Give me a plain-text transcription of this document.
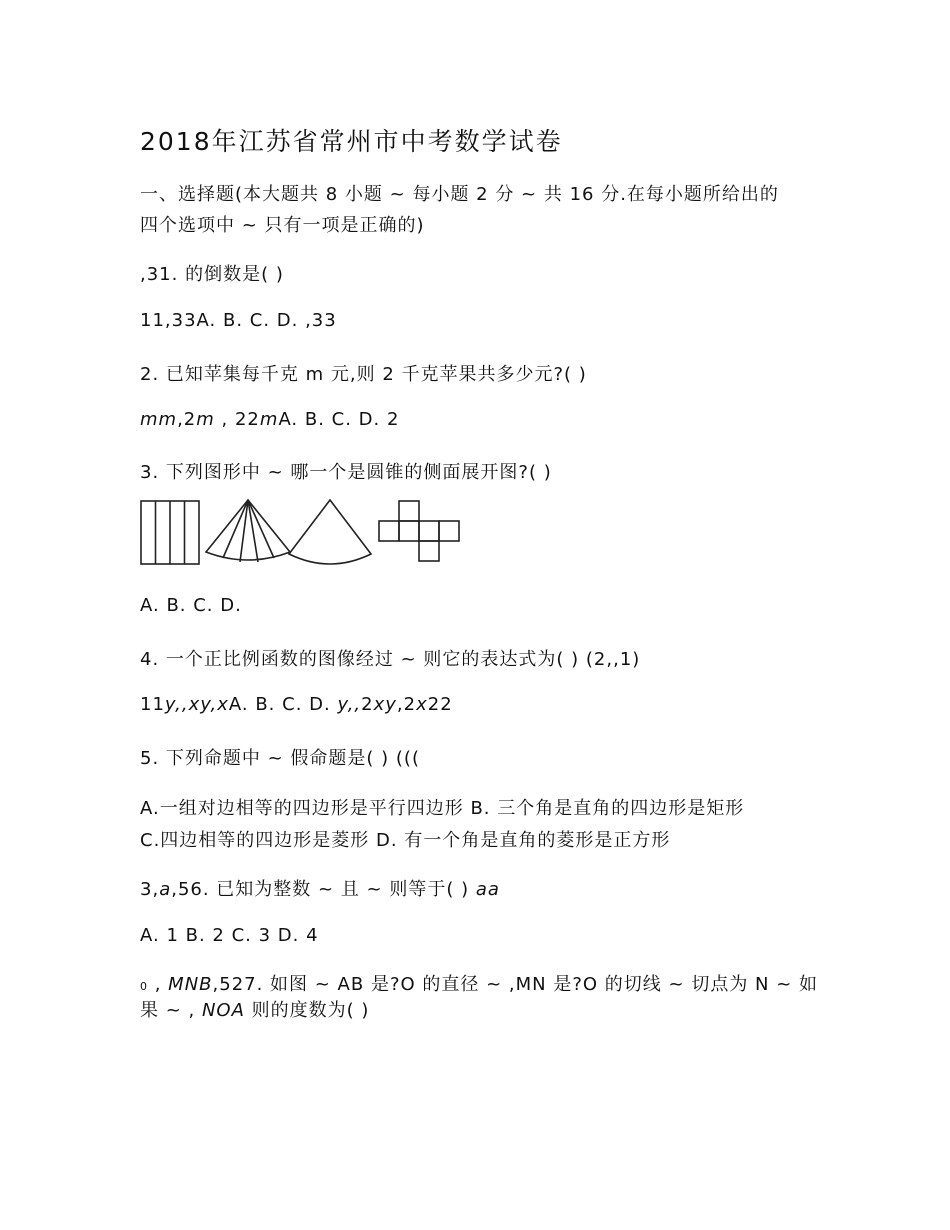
2018年江苏省常州市中考数学试卷
一、选择题(本大题共 8 小题 ~ 每小题 2 分 ~ 共 16 分.在每小题所给出的
四个选项中 ~ 只有一项是正确的)
,31. 的倒数是( )
11,33A. B. C. D. ,33
2. 已知苹集每千克 m 元,则 2 千克苹果共多少元?( )
mm,2m , 22mA. B. C. D. 2
3. 下列图形中 ~ 哪一个是圆锥的侧面展开图?( )
A. B. C. D.
4. 一个正比例函数的图像经过 ~ 则它的表达式为( ) (2,,1)
11y,,xy,xA. B. C. D. y,,2xy,2x22
5. 下列命题中 ~ 假命题是( ) (((
A.一组对边相等的四边形是平行四边形 B. 三个角是直角的四边形是矩形
C.四边相等的四边形是菱形 D. 有一个角是直角的菱形是正方形
3,a,56. 已知为整数 ~ 且 ~ 则等于( ) aa
A. 1 B. 2 C. 3 D. 4
0 , MNB,527. 如图 ~ AB 是?O 的直径 ~ ,MN 是?O 的切线 ~ 切点为 N ~ 如
果 ~ , NOA 则的度数为( )
